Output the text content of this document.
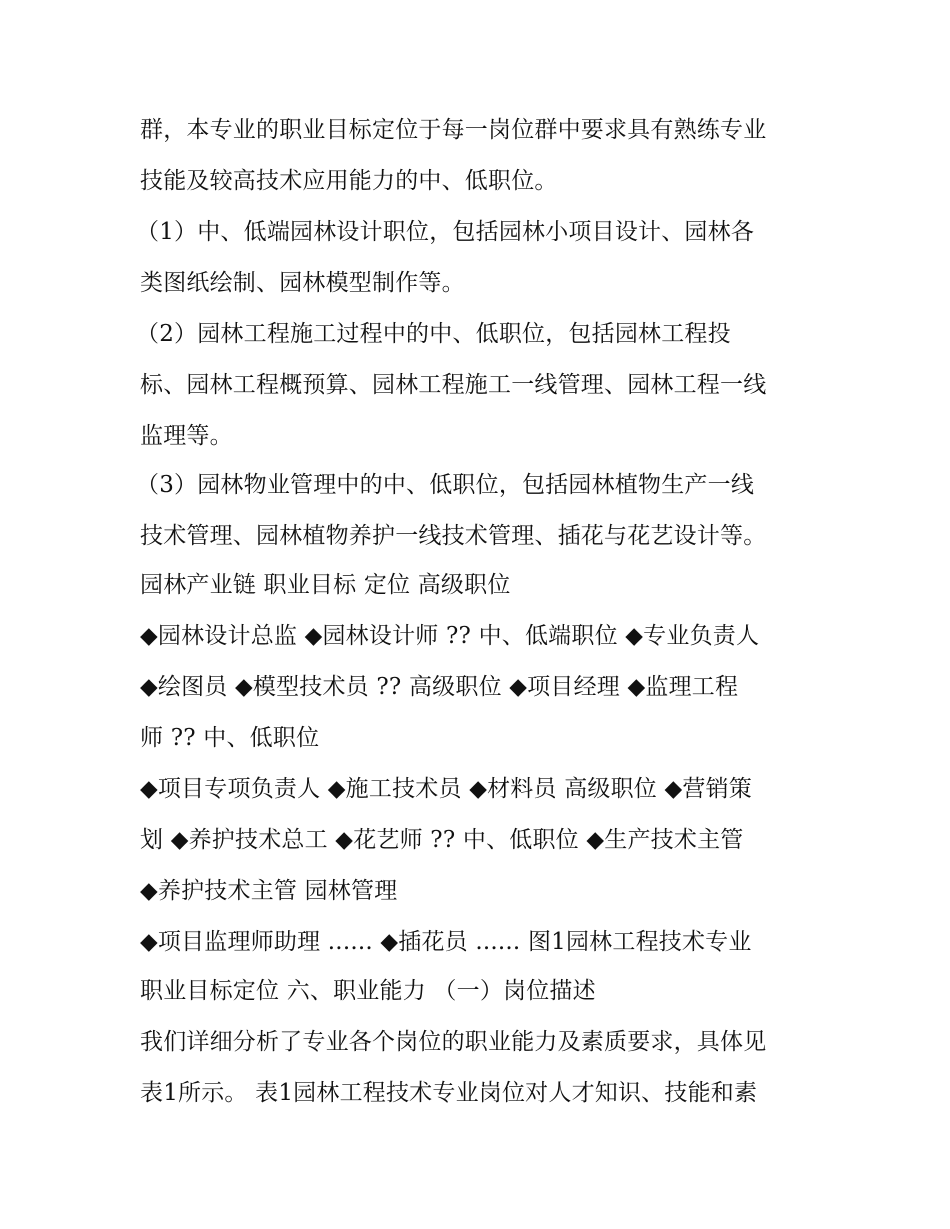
群，本专业的职业目标定位于每一岗位群中要求具有熟练专业
技能及较高技术应用能力的中、低职位。
（1）中、低端园林设计职位，包括园林小项目设计、园林各
类图纸绘制、园林模型制作等。
（2）园林工程施工过程中的中、低职位，包括园林工程投
标、园林工程概预算、园林工程施工一线管理、园林工程一线
监理等。
（3）园林物业管理中的中、低职位，包括园林植物生产一线
技术管理、园林植物养护一线技术管理、插花与花艺设计等。
园林产业链 职业目标 定位 高级职位
◆园林设计总监 ◆园林设计师 ?? 中、低端职位 ◆专业负责人
◆绘图员 ◆模型技术员 ?? 高级职位 ◆项目经理 ◆监理工程
师 ?? 中、低职位
◆项目专项负责人 ◆施工技术员 ◆材料员 高级职位 ◆营销策
划 ◆养护技术总工 ◆花艺师 ?? 中、低职位 ◆生产技术主管
◆养护技术主管 园林管理
◆项目监理师助理 ...... ◆插花员 ...... 图1园林工程技术专业
职业目标定位 六、职业能力 （一）岗位描述
我们详细分析了专业各个岗位的职业能力及素质要求，具体见
表1所示。 表1园林工程技术专业岗位对人才知识、技能和素
